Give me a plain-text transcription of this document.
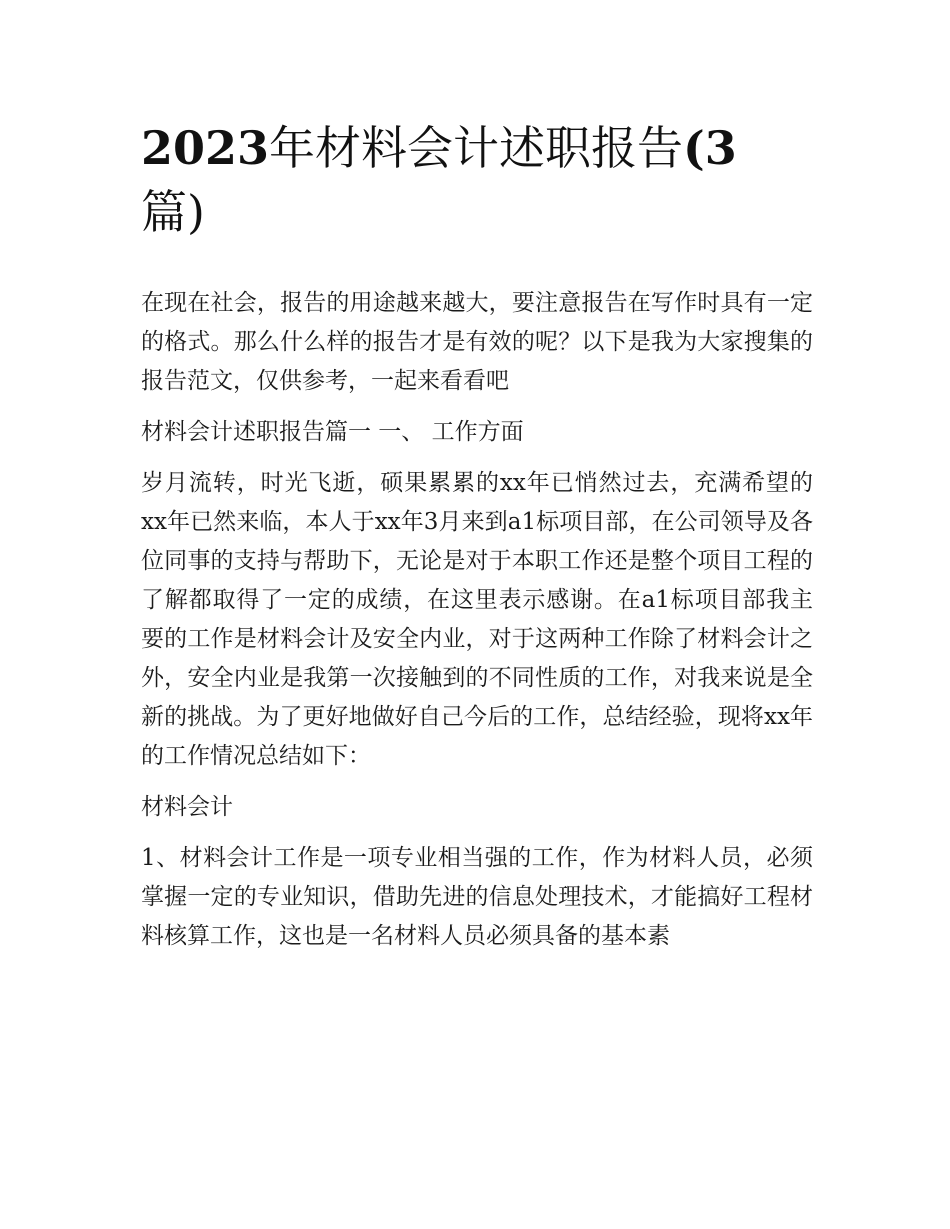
2023年材料会计述职报告(3
篇)

在现在社会，报告的用途越来越大，要注意报告在写作时具有一定的格式。那么什么样的报告才是有效的呢？以下是我为大家搜集的报告范文，仅供参考，一起来看看吧

材料会计述职报告篇一 一、 工作方面

岁月流转，时光飞逝，硕果累累的xx年已悄然过去，充满希望的xx年已然来临，本人于xx年3月来到a1标项目部，在公司领导及各位同事的支持与帮助下，无论是对于本职工作还是整个项目工程的了解都取得了一定的成绩，在这里表示感谢。在a1标项目部我主要的工作是材料会计及安全内业，对于这两种工作除了材料会计之外，安全内业是我第一次接触到的不同性质的工作，对我来说是全新的挑战。为了更好地做好自己今后的工作，总结经验，现将xx年的工作情况总结如下：

材料会计

1、材料会计工作是一项专业相当强的工作，作为材料人员，必须掌握一定的专业知识，借助先进的信息处理技术，才能搞好工程材料核算工作，这也是一名材料人员必须具备的基本素
